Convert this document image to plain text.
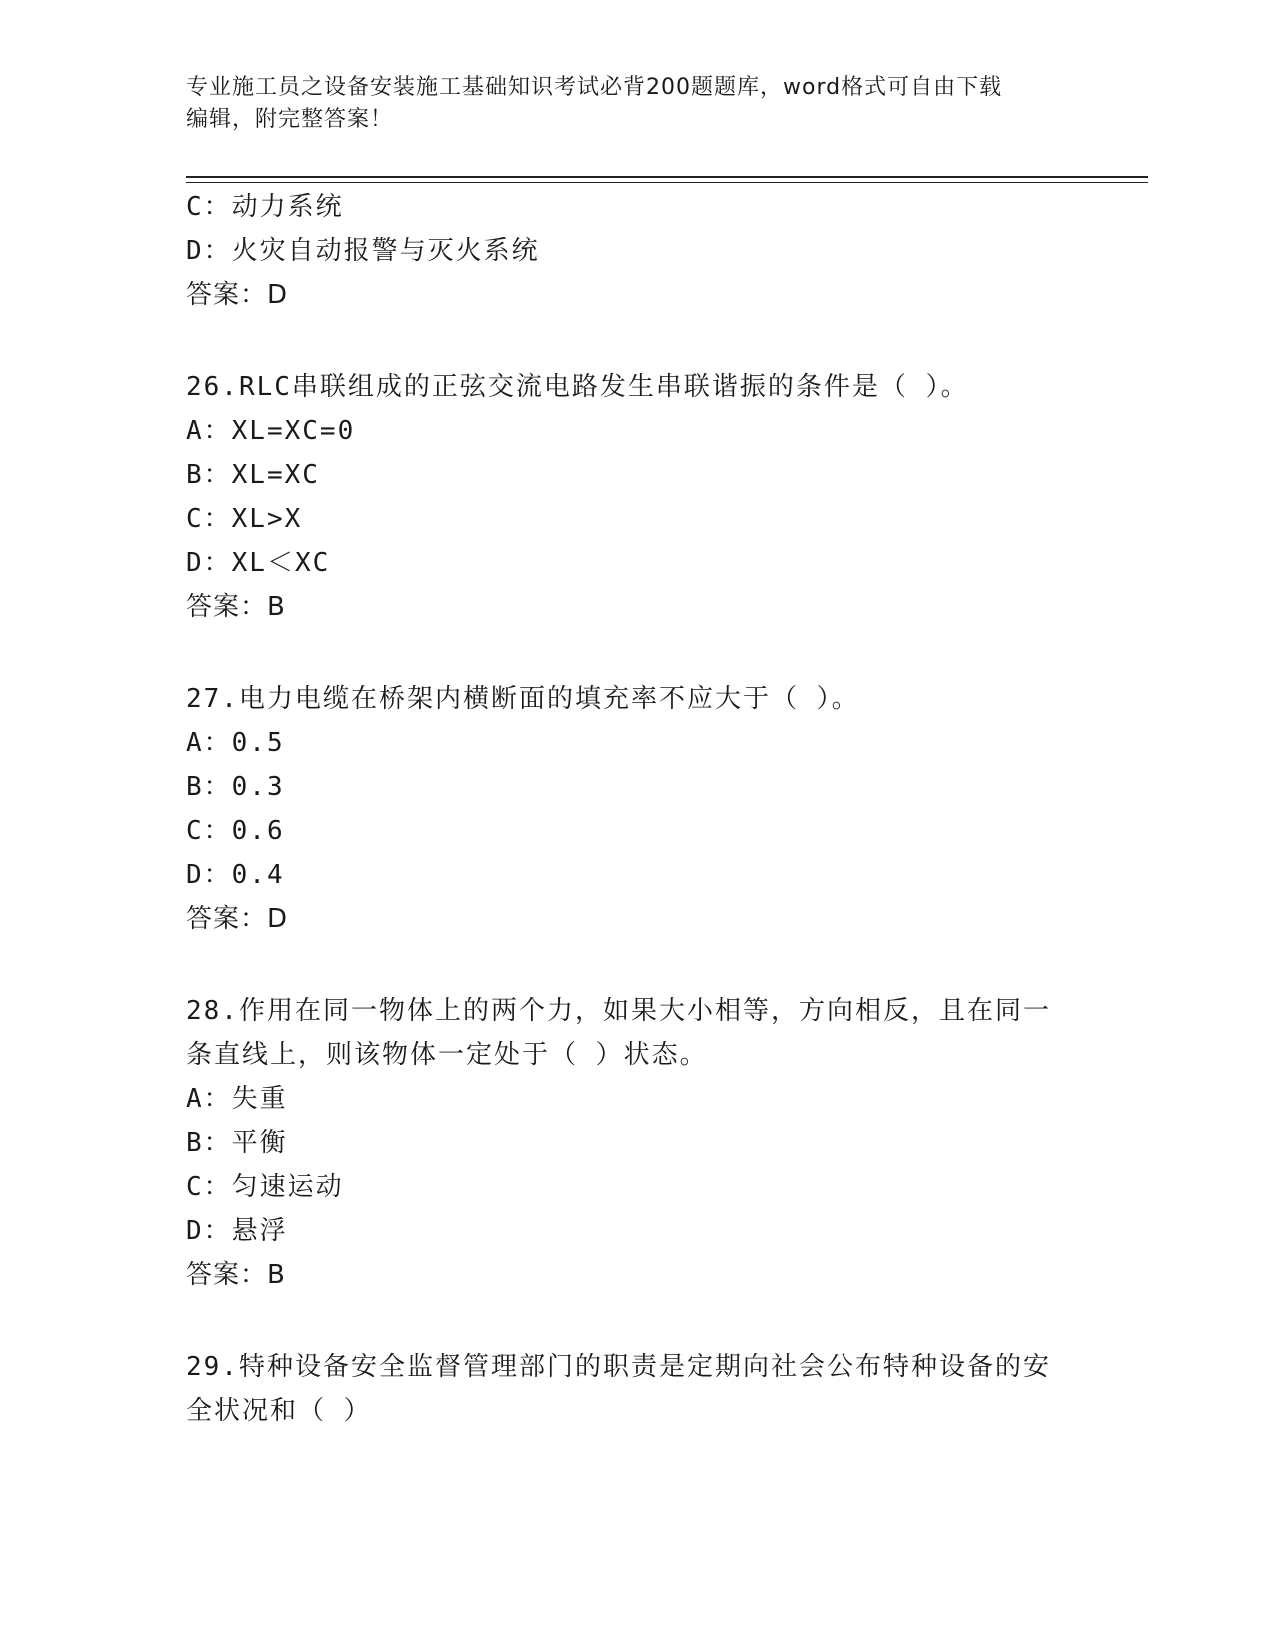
专业施工员之设备安装施工基础知识考试必背200题题库，word格式可自由下载
编辑，附完整答案！
C：动力系统
D：火灾自动报警与灭火系统
答案：D
26.RLC串联组成的正弦交流电路发生串联谐振的条件是（ ）。
A：XL=XC=0
B：XL=XC
C：XL>X
D：XL＜XC
答案：B
27.电力电缆在桥架内横断面的填充率不应大于（ ）。
A：0.5
B：0.3
C：0.6
D：0.4
答案：D
28.作用在同一物体上的两个力，如果大小相等，方向相反，且在同一
条直线上，则该物体一定处于（ ）状态。
A：失重
B：平衡
C：匀速运动
D：悬浮
答案：B
29.特种设备安全监督管理部门的职责是定期向社会公布特种设备的安
全状况和（ ）
